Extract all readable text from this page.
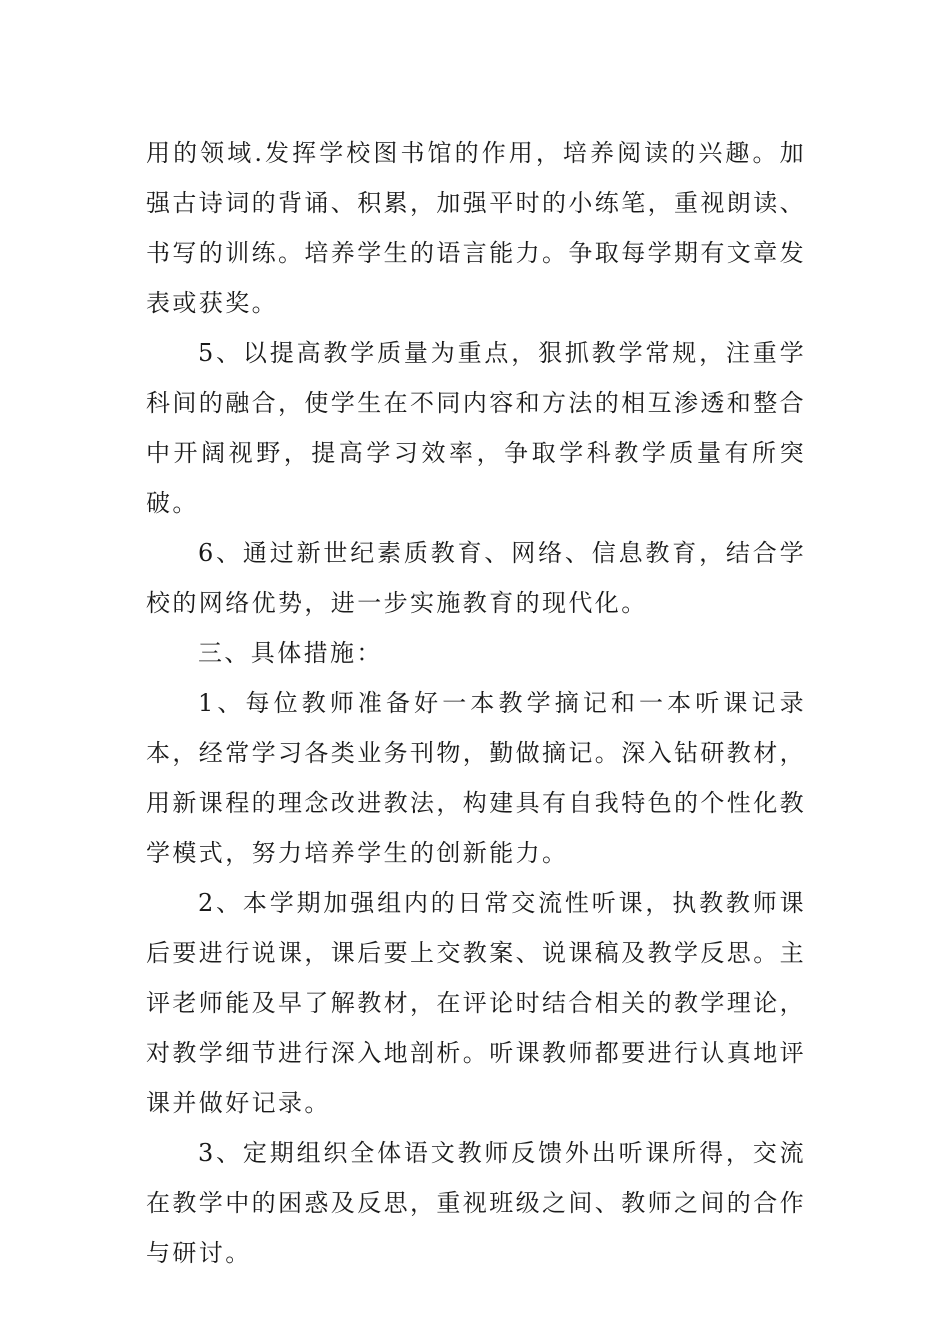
用的领域.发挥学校图书馆的作用，培养阅读的兴趣。加强古诗词的背诵、积累，加强平时的小练笔，重视朗读、书写的训练。培养学生的语言能力。争取每学期有文章发表或获奖。

5、以提高教学质量为重点，狠抓教学常规，注重学科间的融合，使学生在不同内容和方法的相互渗透和整合中开阔视野，提高学习效率，争取学科教学质量有所突破。

6、通过新世纪素质教育、网络、信息教育，结合学校的网络优势，进一步实施教育的现代化。

三、具体措施：

1、每位教师准备好一本教学摘记和一本听课记录本，经常学习各类业务刊物，勤做摘记。深入钻研教材，用新课程的理念改进教法，构建具有自我特色的个性化教学模式，努力培养学生的创新能力。

2、本学期加强组内的日常交流性听课，执教教师课后要进行说课，课后要上交教案、说课稿及教学反思。主评老师能及早了解教材，在评论时结合相关的教学理论，对教学细节进行深入地剖析。听课教师都要进行认真地评课并做好记录。

3、定期组织全体语文教师反馈外出听课所得，交流在教学中的困惑及反思，重视班级之间、教师之间的合作与研讨。
